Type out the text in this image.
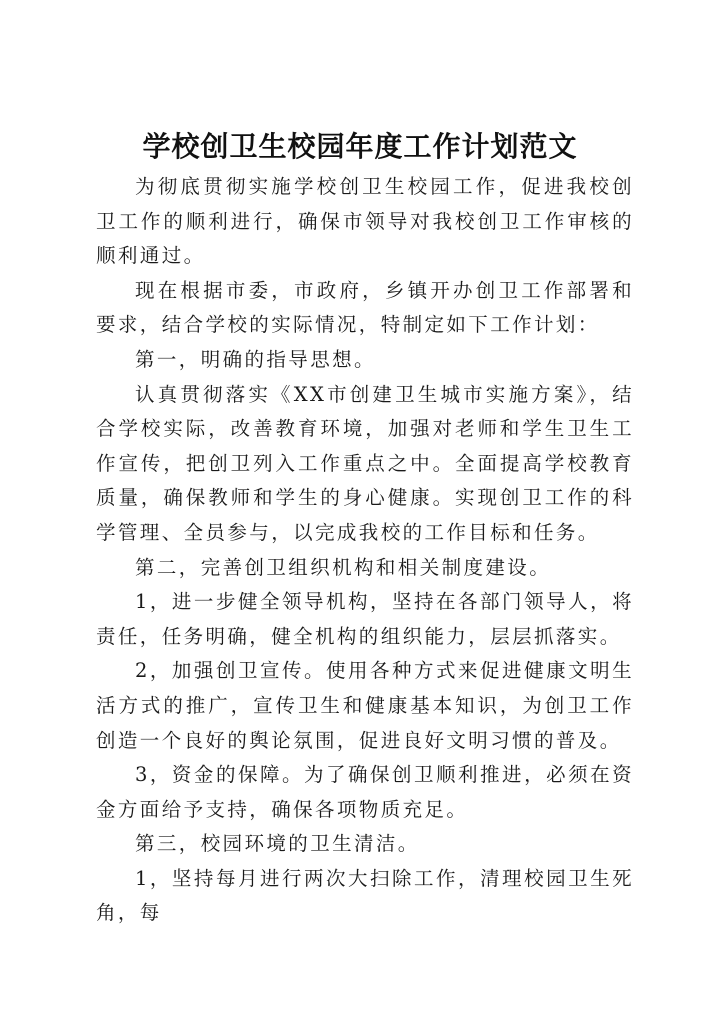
学校创卫生校园年度工作计划范文

为彻底贯彻实施学校创卫生校园工作，促进我校创卫工作的顺利进行，确保市领导对我校创卫工作审核的顺利通过。

现在根据市委，市政府，乡镇开办创卫工作部署和要求，结合学校的实际情况，特制定如下工作计划：

第一，明确的指导思想。

认真贯彻落实《XX市创建卫生城市实施方案》，结合学校实际，改善教育环境，加强对老师和学生卫生工作宣传，把创卫列入工作重点之中。全面提高学校教育质量，确保教师和学生的身心健康。实现创卫工作的科学管理、全员参与，以完成我校的工作目标和任务。

第二，完善创卫组织机构和相关制度建设。

1，进一步健全领导机构，坚持在各部门领导人，将责任，任务明确，健全机构的组织能力，层层抓落实。

2，加强创卫宣传。使用各种方式来促进健康文明生活方式的推广，宣传卫生和健康基本知识，为创卫工作创造一个良好的舆论氛围，促进良好文明习惯的普及。

3，资金的保障。为了确保创卫顺利推进，必须在资金方面给予支持，确保各项物质充足。

第三，校园环境的卫生清洁。

1，坚持每月进行两次大扫除工作，清理校园卫生死角，每
